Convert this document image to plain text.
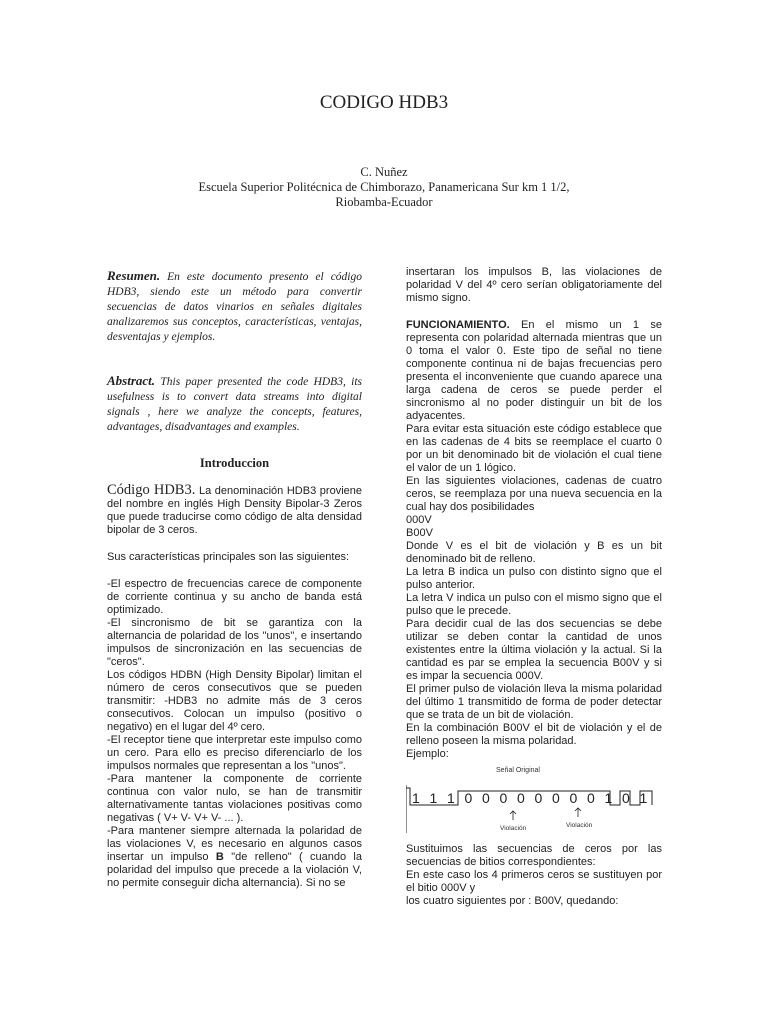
CODIGO HDB3
C. Nuñez
Escuela Superior Politécnica de Chimborazo, Panamericana Sur km 1 1/2,
Riobamba-Ecuador

Resumen. En este documento presento el código HDB3, siendo este un método para convertir secuencias de datos vinarios en señales digitales analizaremos sus conceptos, características, ventajas, desventajas y ejemplos.

Abstract. This paper presented the code HDB3, its usefulness is to convert data streams into digital signals , here we analyze the concepts, features, advantages, disadvantages and examples.

Introduccion

Código HDB3. La denominación HDB3 proviene del nombre en inglés High Density Bipolar-3 Zeros que puede traducirse como código de alta densidad bipolar de 3 ceros.

Sus características principales son las siguientes:

-El espectro de frecuencias carece de componente de corriente continua y su ancho de banda está optimizado.

-El sincronismo de bit se garantiza con la alternancia de polaridad de los "unos", e insertando impulsos de sincronización en las secuencias de "ceros".

Los códigos HDBN (High Density Bipolar) limitan el número de ceros consecutivos que se pueden transmitir: -HDB3 no admite más de 3 ceros consecutivos. Colocan un impulso (positivo o negativo) en el lugar del 4º cero.

-El receptor tiene que interpretar este impulso como un cero. Para ello es preciso diferenciarlo de los impulsos normales que representan a los "unos".

-Para mantener la componente de corriente continua con valor nulo, se han de transmitir alternativamente tantas violaciones positivas como negativas ( V+ V- V+ V- ... ).

-Para mantener siempre alternada la polaridad de las violaciones V, es necesario en algunos casos insertar un impulso B "de relleno" ( cuando la polaridad del impulso que precede a la violación V, no permite conseguir dicha alternancia). Si no se

insertaran los impulsos B, las violaciones de polaridad V del 4º cero serían obligatoriamente del mismo signo.

FUNCIONAMIENTO. En el mismo un 1 se representa con polaridad alternada mientras que un 0 toma el valor 0. Este tipo de señal no tiene componente continua ni de bajas frecuencias pero presenta el inconveniente que cuando aparece una larga cadena de ceros se puede perder el sincronismo al no poder distinguir un bit de los adyacentes.

Para evitar esta situación este código establece que en las cadenas de 4 bits se reemplace el cuarto 0 por un bit denominado bit de violación el cual tiene el valor de un 1 lógico.

En las siguientes violaciones, cadenas de cuatro ceros, se reemplaza por una nueva secuencia en la cual hay dos posibilidades

000V

B00V

Donde V es el bit de violación y B es un bit denominado bit de relleno.

La letra B indica un pulso con distinto signo que el pulso anterior.

La letra V indica un pulso con el mismo signo que el pulso que le precede.

Para decidir cual de las dos secuencias se debe utilizar se deben contar la cantidad de unos existentes entre la última violación y la actual. Si la cantidad es par se emplea la secuencia B00V y si es impar la secuencia 000V.

El primer pulso de violación lleva la misma polaridad del último 1 transmitido de forma de poder detectar que se trata de un bit de violación.

En la combinación B00V el bit de violación y el de relleno poseen la misma polaridad.

Ejemplo:

Señal Original
1 1 1 0 0 0 0 0 0 0 0 1 0 1
Violación	Violación

Sustituimos las secuencias de ceros por las secuencias de bitios correspondientes:

En este caso los 4 primeros ceros se sustituyen por el bitio 000V y

los cuatro siguientes por : B00V, quedando:
